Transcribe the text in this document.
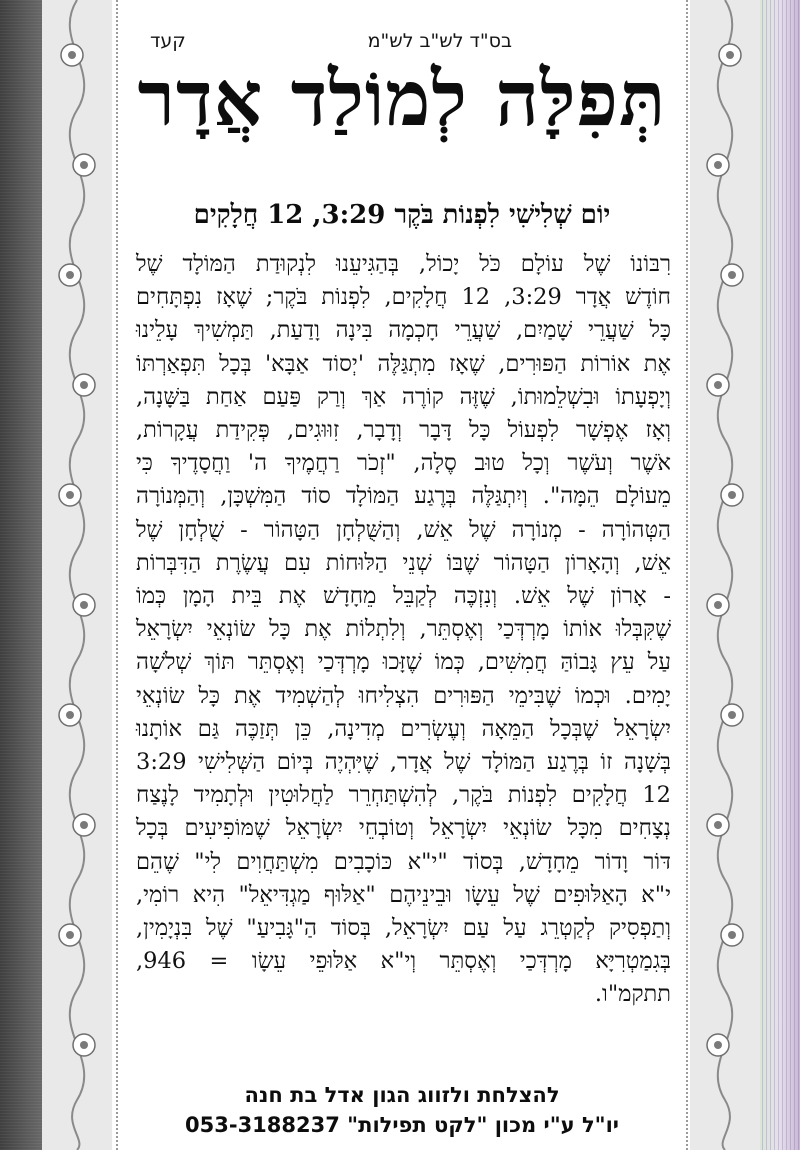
בס"ד לש"ב לש"מ
קעד
תְּפִלָּה לְמוֹלַד אֲדָר
יוֹם שְׁלִישִׁי לִפְנוֹת בֹּקֶר 3:29, 12 חֲלָקִים
רִבּוֹנוֹ שֶׁל עוֹלָם כֹּל יָכוֹל, בְּהַגִּיעֵנוּ לִנְקוּדַת הַמּוֹלָד שֶׁל
חוֹדֶשׁ אֲדָר 3:29, 12 חֲלָקִים, לִפְנוֹת בֹּקֶר; שֶׁאָז נִפְתָּחִים
כָּל שַׁעֲרֵי שָׁמַיִם, שַׁעֲרֵי חָכְמָה בִּינָה וָדַעַת, תַּמְשִׁיךְ עָלֵינוּ
אֶת אוֹרוֹת הַפּוּרִים, שֶׁאָז מִתְגַּלֶּה 'יְסוֹד אַבָּא' בְּכָל תִּפְאַרְתּוֹ
וְיָפְעָתוֹ וּבִשְׁלֵמוּתוֹ, שֶׁזֶּה קוֹרֶה אַךְ וְרַק פַּעַם אַחַת בַּשָּׁנָה,
וְאָז אֶפְשָׁר לִפְעוֹל כָּל דָּבָר וְדָבָר, זִוּוּגִים, פְּקִידַת עֲקָרוֹת,
אֹשֶׁר וְעֹשֶׁר וְכָל טוּב סֶלָה, "זְכֹר רַחֲמֶיךָ ה' וַחֲסָדֶיךָ כִּי
מֵעוֹלָם הֵמָּה". וְיִתְגַּלֶּה בְּרֶגַע הַמּוֹלָד סוֹד הַמִּשְׁכָּן, וְהַמְּנוֹרָה
הַטְּהוֹרָה - מְנוֹרָה שֶׁל אֵשׁ, וְהַשֻּׁלְחָן הַטָּהוֹר - שֻׁלְחָן שֶׁל
אֵשׁ, וְהָאָרוֹן הַטָּהוֹר שֶׁבּוֹ שְׁנֵי הַלּוּחוֹת עִם עֲשֶׂרֶת הַדִּבְּרוֹת
- אָרוֹן שֶׁל אֵשׁ. וְנִזְכֶּה לְקַבֵּל מֵחָדָשׁ אֶת בֵּית הָמָן כְּמוֹ
שֶׁקִּבְּלוּ אוֹתוֹ מָרְדְּכַי וְאֶסְתֵּר, וְלִתְלוֹת אֶת כָּל שׂוֹנְאֵי יִשְׂרָאֵל
עַל עֵץ גָּבוֹהַּ חֲמִשִּׁים, כְּמוֹ שֶׁזָּכוּ מָרְדְּכַי וְאֶסְתֵּר תּוֹךְ שְׁלֹשָׁה
יָמִים. וּכְמוֹ שֶׁבִּימֵי הַפּוּרִים הִצְלִיחוּ לְהַשְׁמִיד אֶת כָּל שׂוֹנְאֵי
יִשְׂרָאֵל שֶׁבְּכָל הַמֵּאָה וְעֶשְׂרִים מְדִינָה, כֵּן תְּזַכֶּה גַּם אוֹתָנוּ
בְּשָׁנָה זוֹ בְּרֶגַע הַמּוֹלָד שֶׁל אֲדָר, שֶׁיִּהְיֶה בְּיוֹם הַשְּׁלִישִׁי 3:29
12 חֲלָקִים לִפְנוֹת בֹּקֶר, לְהִשְׁתַּחְרֵר לַחֲלוּטִין וּלְתָמִיד לָנֶצַח
נְצָחִים מִכָּל שׂוֹנְאֵי יִשְׂרָאֵל וְטוֹבְחֵי יִשְׂרָאֵל שֶׁמּוֹפִיעִים בְּכָל
דּוֹר וָדוֹר מֵחָדָשׁ, בְּסוֹד "י"א כּוֹכָבִים מִשְׁתַּחֲוִים לִי" שֶׁהֵם
י"א הָאַלּוּפִים שֶׁל עֵשָׂו וּבֵינֵיהֶם "אַלּוּף מַגְדִּיאֵל" הִיא רוֹמִי,
וְתַפְסִיק לְקַטְרֵג עַל עַם יִשְׂרָאֵל, בְּסוֹד הַ"גָּבִיעַ" שֶׁל בִּנְיָמִין,
בְּגִמַטְרִיָּא מָרְדְּכַי וְאֶסְתֵּר וְי"א אַלּוּפֵי עֵשָׂו = 946,
תתקמ"ו.
להצלחת ולזווג הגון אדל בת חנה
יו"ל ע"י מכון "לקט תפילות" 053-3188237
